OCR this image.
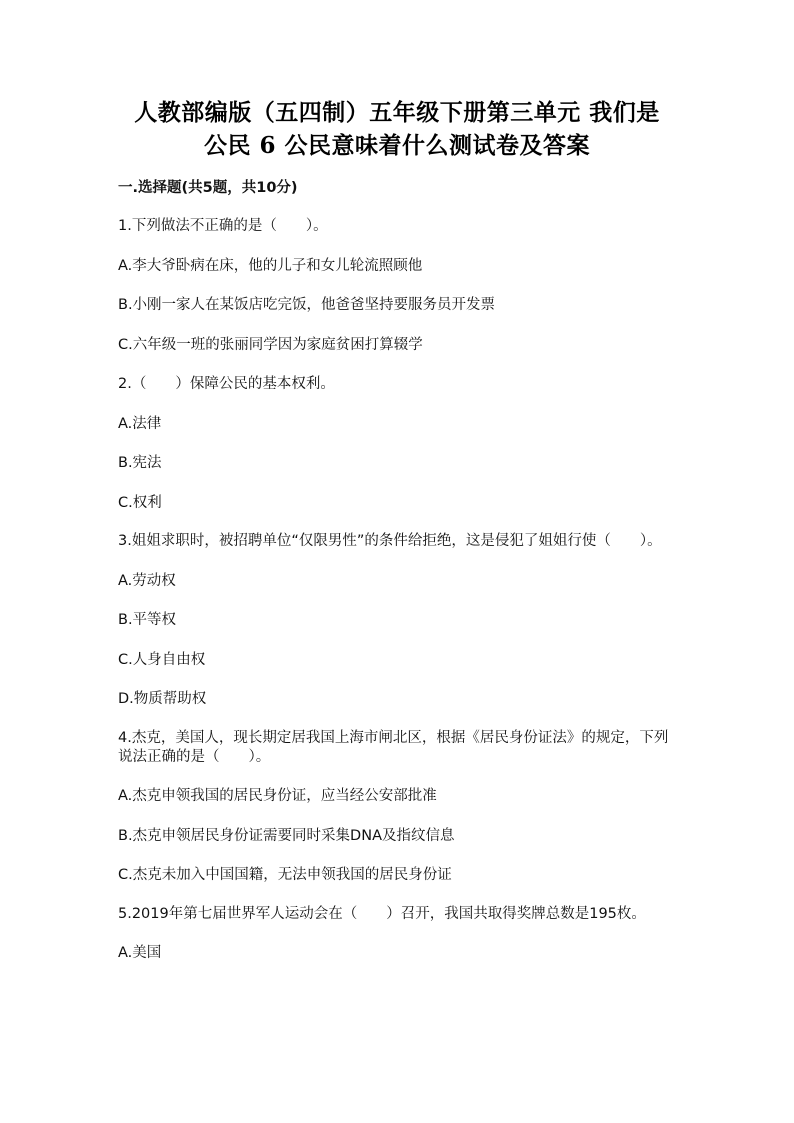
人教部编版（五四制）五年级下册第三单元 我们是
公民 6 公民意味着什么测试卷及答案
一.选择题(共5题，共10分)
1.下列做法不正确的是（　　）。
A.李大爷卧病在床，他的儿子和女儿轮流照顾他
B.小刚一家人在某饭店吃完饭，他爸爸坚持要服务员开发票
C.六年级一班的张丽同学因为家庭贫困打算辍学
2.（　　）保障公民的基本权利。
A.法律
B.宪法
C.权利
3.姐姐求职时，被招聘单位“仅限男性”的条件给拒绝，这是侵犯了姐姐行使（　　）。
A.劳动权
B.平等权
C.人身自由权
D.物质帮助权
4.杰克，美国人，现长期定居我国上海市闸北区，根据《居民身份证法》的规定，下列说法正确的是（　　）。
A.杰克申领我国的居民身份证，应当经公安部批准
B.杰克申领居民身份证需要同时采集DNA及指纹信息
C.杰克未加入中国国籍，无法申领我国的居民身份证
5.2019年第七届世界军人运动会在（　　）召开，我国共取得奖牌总数是195枚。
A.美国
